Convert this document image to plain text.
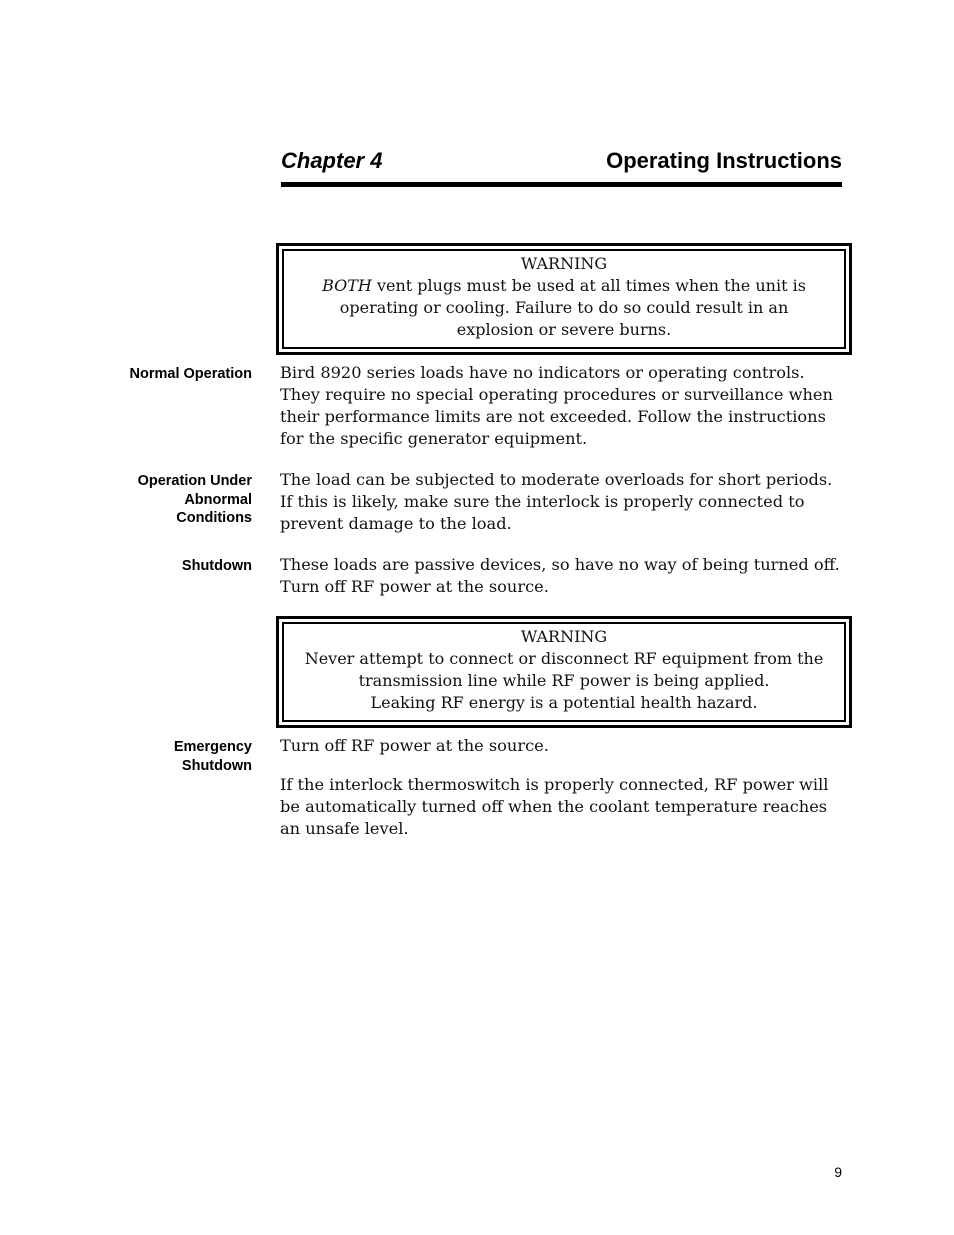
Chapter 4	Operating Instructions

WARNING

BOTH vent plugs must be used at all times when the unit is

operating or cooling. Failure to do so could result in an

explosion or severe burns.

Normal Operation Bird 8920 series loads have no indicators or operating controls. They require no special operating procedures or surveillance when their performance limits are not exceeded. Follow the instructions for the specific generator equipment.

Operation Under
Abnormal
Conditions

The load can be subjected to moderate overloads for short periods. If this is likely, make sure the interlock is properly connected to prevent damage to the load.

Shutdown These loads are passive devices, so have no way of being turned off. Turn off RF power at the source.

WARNING

Never attempt to connect or disconnect RF equipment from the

transmission line while RF power is being applied.

Leaking RF energy is a potential health hazard.

Emergency
Shutdown

Turn off RF power at the source.

If the interlock thermoswitch is properly connected, RF power will be automatically turned off when the coolant temperature reaches an unsafe level.

9
